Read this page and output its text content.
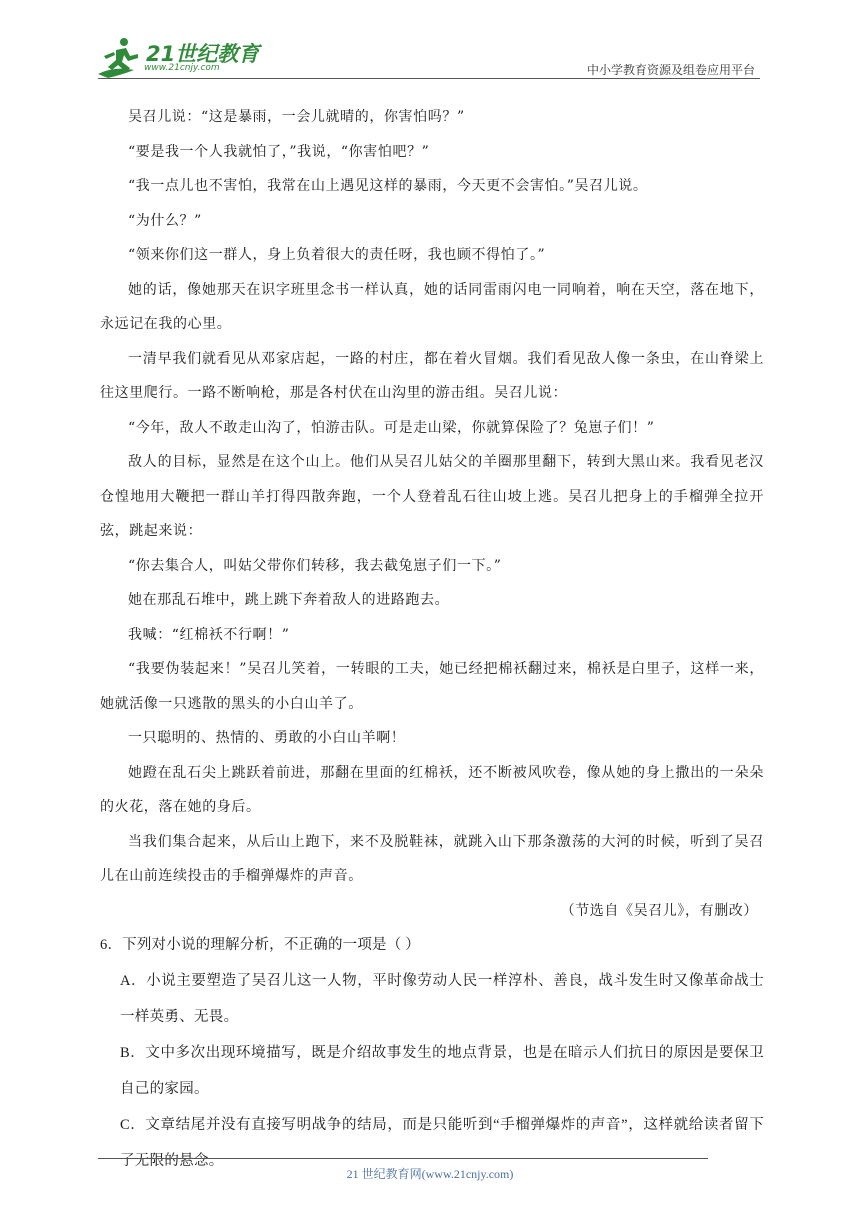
21世纪教育
www.21cnjy.com	中小学教育资源及组卷应用平台

吴召儿说：“这是暴雨，一会儿就晴的，你害怕吗？”

“要是我一个人我就怕了，”我说，“你害怕吧？”

“我一点儿也不害怕，我常在山上遇见这样的暴雨，今天更不会害怕。”吴召儿说。

“为什么？”

“领来你们这一群人，身上负着很大的责任呀，我也顾不得怕了。”

她的话，像她那天在识字班里念书一样认真，她的话同雷雨闪电一同响着，响在天空，落在地下，永远记在我的心里。

一清早我们就看见从邓家店起，一路的村庄，都在着火冒烟。我们看见敌人像一条虫，在山脊梁上往这里爬行。一路不断响枪，那是各村伏在山沟里的游击组。吴召儿说：

“今年，敌人不敢走山沟了，怕游击队。可是走山梁，你就算保险了？兔崽子们！”

敌人的目标，显然是在这个山上。他们从吴召儿姑父的羊圈那里翻下，转到大黑山来。我看见老汉仓惶地用大鞭把一群山羊打得四散奔跑，一个人登着乱石往山坡上逃。吴召儿把身上的手榴弹全拉开弦，跳起来说：

“你去集合人，叫姑父带你们转移，我去截兔崽子们一下。”

她在那乱石堆中，跳上跳下奔着敌人的进路跑去。

我喊：“红棉袄不行啊！”

“我要伪装起来！”吴召儿笑着，一转眼的工夫，她已经把棉袄翻过来，棉袄是白里子，这样一来，她就活像一只逃散的黑头的小白山羊了。

一只聪明的、热情的、勇敢的小白山羊啊！

她蹬在乱石尖上跳跃着前进，那翻在里面的红棉袄，还不断被风吹卷，像从她的身上撒出的一朵朵的火花，落在她的身后。

当我们集合起来，从后山上跑下，来不及脱鞋袜，就跳入山下那条激荡的大河的时候，听到了吴召儿在山前连续投击的手榴弹爆炸的声音。

（节选自《吴召儿》，有删改）

6．下列对小说的理解分析，不正确的一项是（ ）

A．小说主要塑造了吴召儿这一人物，平时像劳动人民一样淳朴、善良，战斗发生时又像革命战士一样英勇、无畏。

B．文中多次出现环境描写，既是介绍故事发生的地点背景，也是在暗示人们抗日的原因是要保卫自己的家园。

C．文章结尾并没有直接写明战争的结局，而是只能听到“手榴弹爆炸的声音”，这样就给读者留下了无限的悬念。

21 世纪教育网(www.21cnjy.com)
